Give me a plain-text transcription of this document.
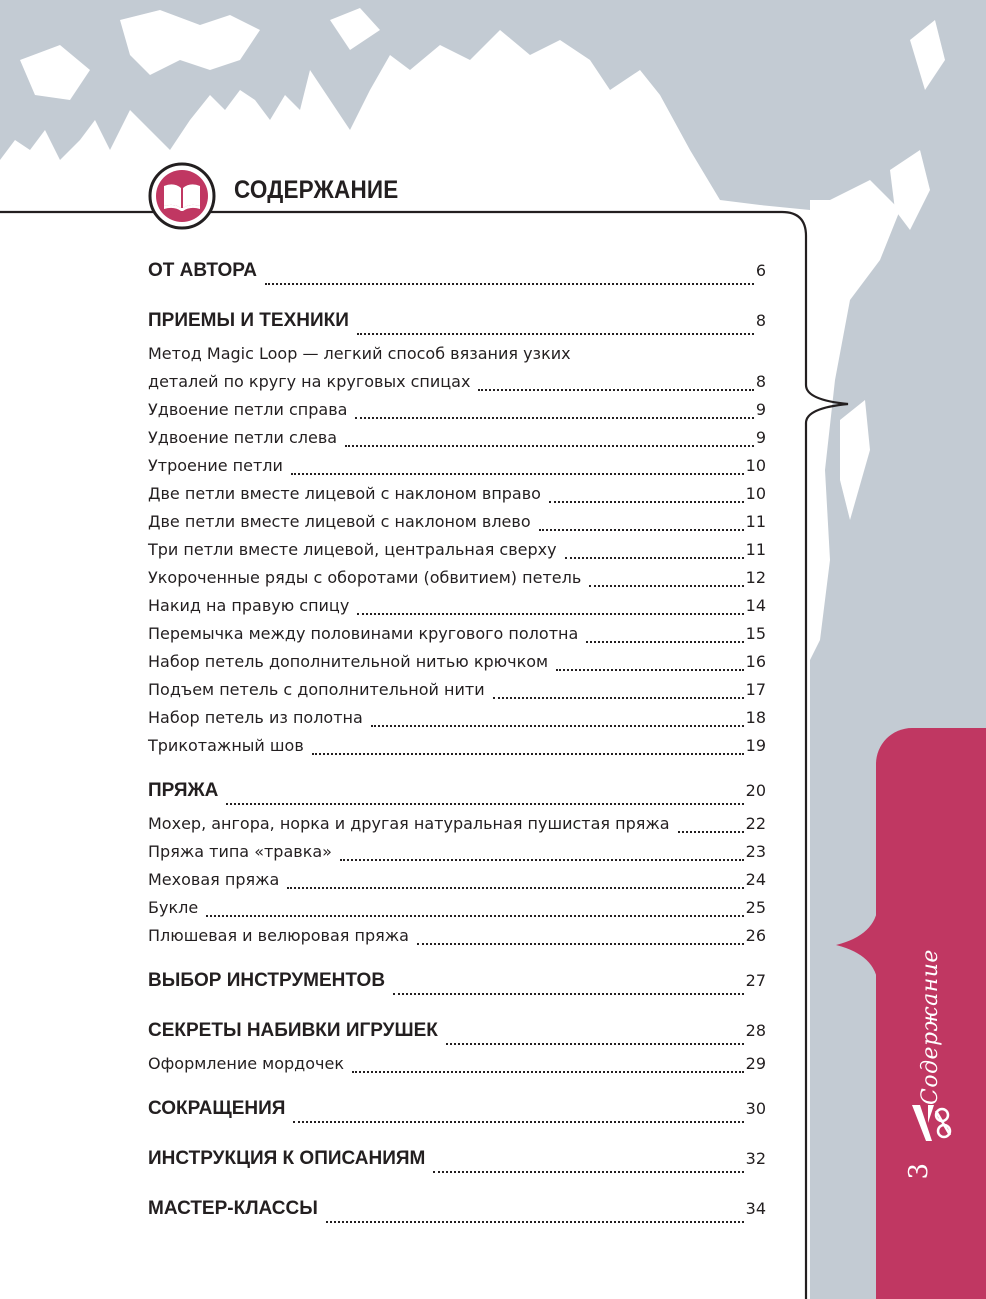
Содержание
3
СОДЕРЖАНИЕ
ОТ АВТОРА	6
ПРИЕМЫ И ТЕХНИКИ	8
Метод Magic Loop — легкий способ вязания узких
деталей по кругу на круговых спицах	8
Удвоение петли справа	9
Удвоение петли слева	9
Утроение петли	10
Две петли вместе лицевой с наклоном вправо	10
Две петли вместе лицевой с наклоном влево	11
Три петли вместе лицевой, центральная сверху	11
Укороченные ряды с оборотами (обвитием) петель	12
Накид на правую спицу	14
Перемычка между половинами кругового полотна	15
Набор петель дополнительной нитью крючком	16
Подъем петель с дополнительной нити	17
Набор петель из полотна	18
Трикотажный шов	19
ПРЯЖА	20
Мохер, ангора, норка и другая натуральная пушистая пряжа	22
Пряжа типа «травка»	23
Меховая пряжа	24
Букле	25
Плюшевая и велюровая пряжа	26
ВЫБОР ИНСТРУМЕНТОВ	27
СЕКРЕТЫ НАБИВКИ ИГРУШЕК	28
Оформление мордочек	29
СОКРАЩЕНИЯ	30
ИНСТРУКЦИЯ К ОПИСАНИЯМ	32
МАСТЕР-КЛАССЫ	34
